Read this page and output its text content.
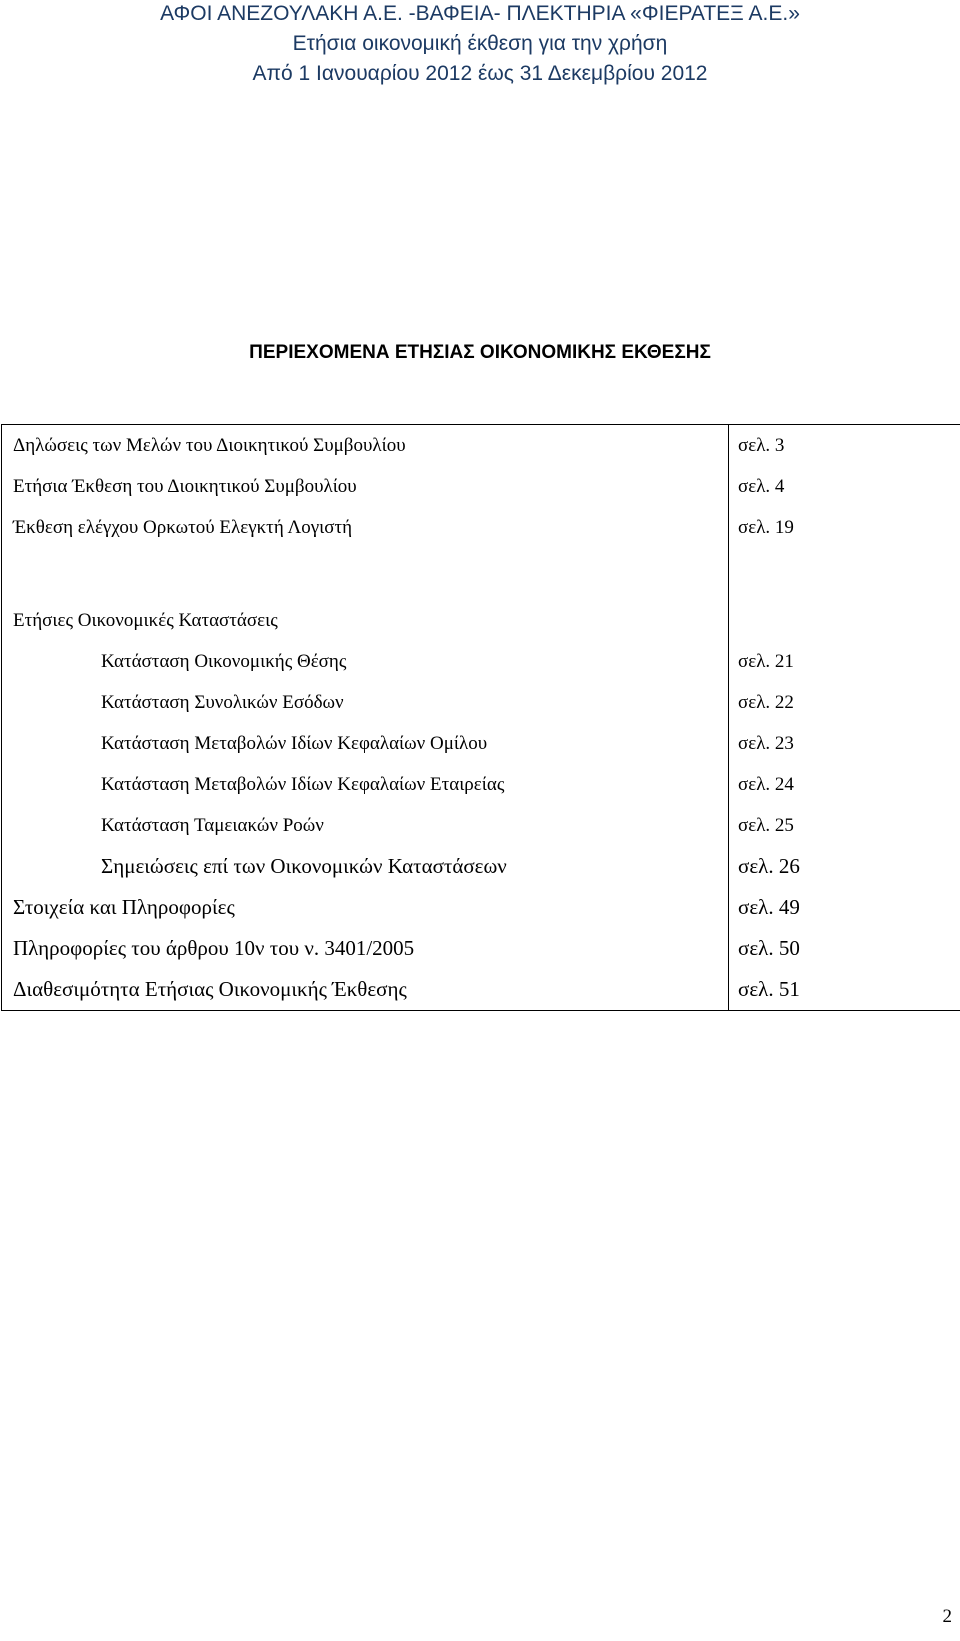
ΑΦΟΙ ΑΝΕΖΟΥΛΑΚΗ Α.Ε. -ΒΑΦΕΙΑ- ΠΛΕΚΤΗΡΙΑ «ΦΙΕΡΑΤΕΞ Α.Ε.»
Ετήσια οικονομική έκθεση για την χρήση
Από 1 Ιανουαρίου 2012 έως 31 Δεκεμβρίου 2012
ΠΕΡΙΕΧΟΜΕΝΑ ΕΤΗΣΙΑΣ ΟΙΚΟΝΟΜΙΚΗΣ ΕΚΘΕΣΗΣ
Δηλώσεις των Μελών του Διοικητικού Συμβουλίου	σελ. 3
Ετήσια Έκθεση του Διοικητικού Συμβουλίου	σελ. 4
Έκθεση ελέγχου Ορκωτού Ελεγκτή Λογιστή	σελ. 19

Ετήσιες Οικονομικές Καταστάσεις	
Κατάσταση Οικονομικής Θέσης	σελ. 21
Κατάσταση Συνολικών Εσόδων	σελ. 22
Κατάσταση Μεταβολών Ιδίων Κεφαλαίων Ομίλου	σελ. 23
Κατάσταση Μεταβολών Ιδίων Κεφαλαίων Εταιρείας	σελ. 24
Κατάσταση Ταμειακών Ροών	σελ. 25
Σημειώσεις επί των Οικονομικών Καταστάσεων	σελ. 26
Στοιχεία και Πληροφορίες	σελ. 49
Πληροφορίες του άρθρου 10ν του ν. 3401/2005	σελ. 50
Διαθεσιμότητα Ετήσιας Οικονομικής Έκθεσης	σελ. 51
2
